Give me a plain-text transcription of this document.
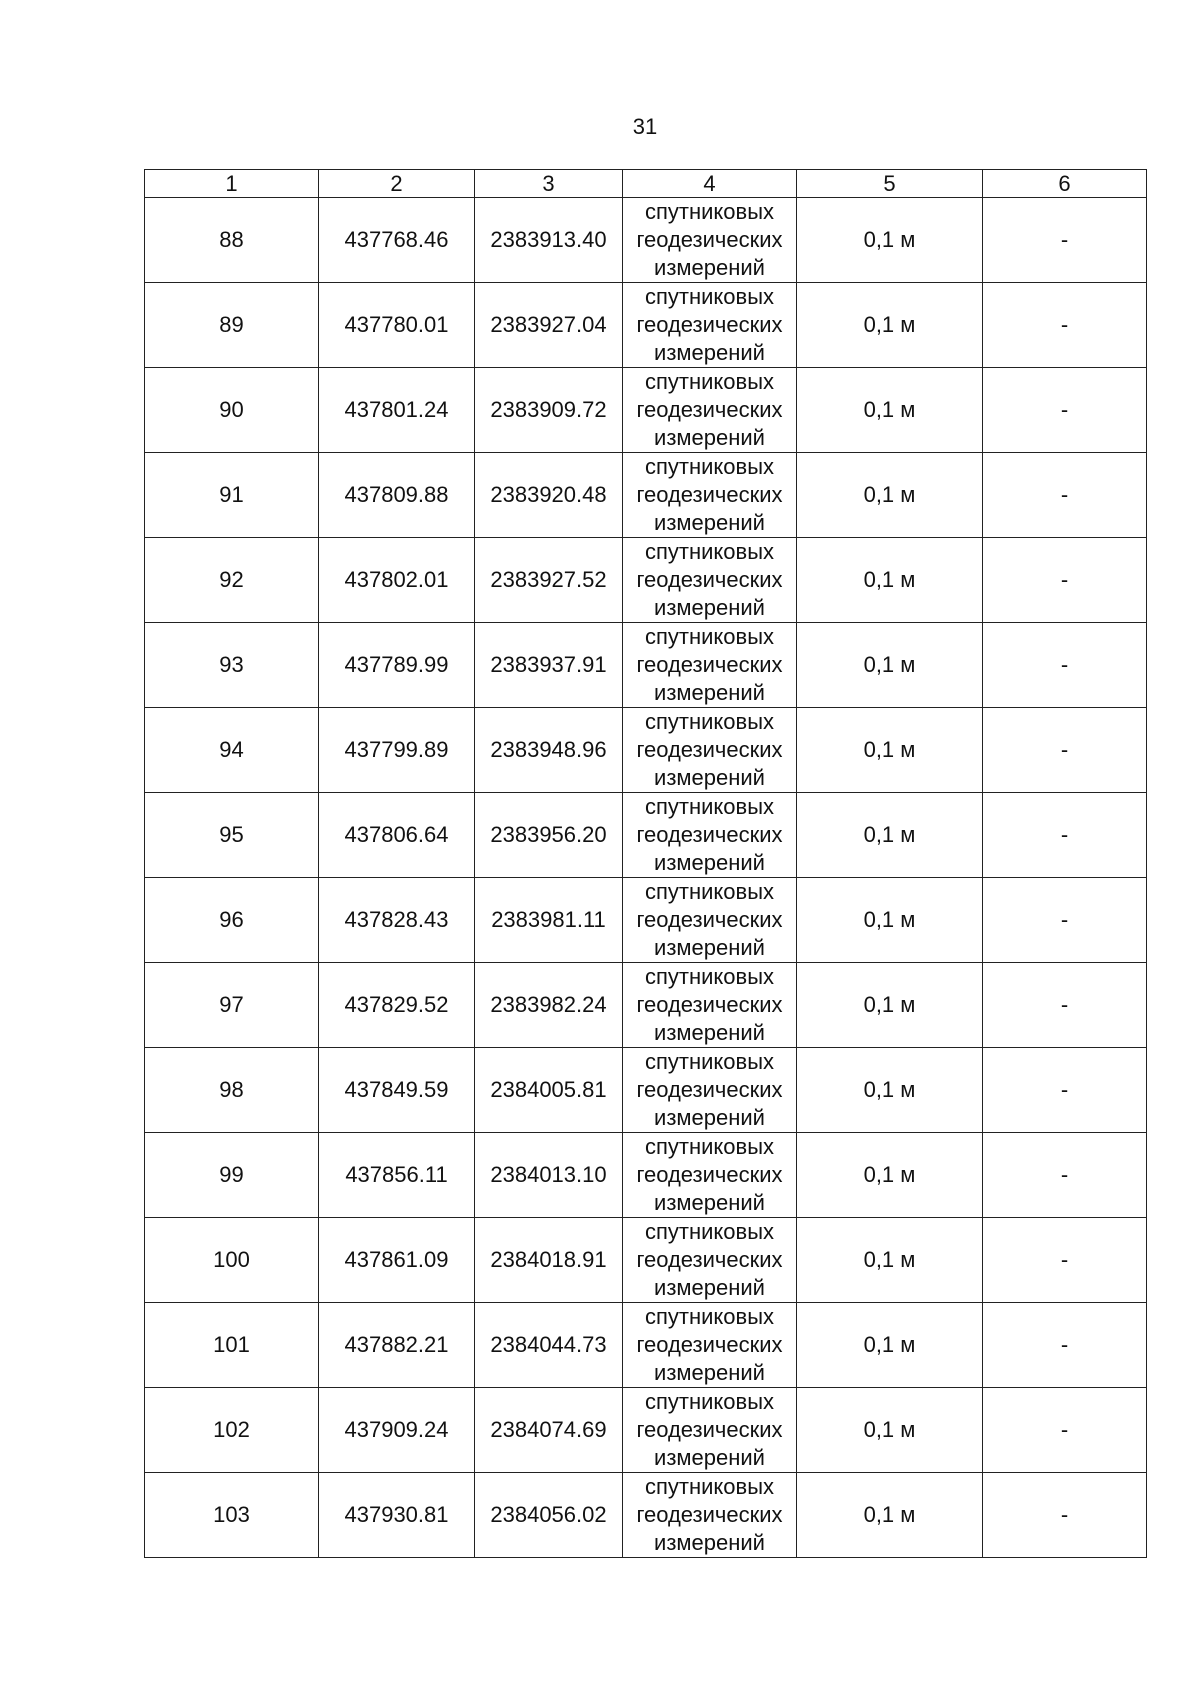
31
1	2	3	4	5	6
88	437768.46	2383913.40	спутниковых
геодезических
измерений	0,1 м	-
89	437780.01	2383927.04	спутниковых
геодезических
измерений	0,1 м	-
90	437801.24	2383909.72	спутниковых
геодезических
измерений	0,1 м	-
91	437809.88	2383920.48	спутниковых
геодезических
измерений	0,1 м	-
92	437802.01	2383927.52	спутниковых
геодезических
измерений	0,1 м	-
93	437789.99	2383937.91	спутниковых
геодезических
измерений	0,1 м	-
94	437799.89	2383948.96	спутниковых
геодезических
измерений	0,1 м	-
95	437806.64	2383956.20	спутниковых
геодезических
измерений	0,1 м	-
96	437828.43	2383981.11	спутниковых
геодезических
измерений	0,1 м	-
97	437829.52	2383982.24	спутниковых
геодезических
измерений	0,1 м	-
98	437849.59	2384005.81	спутниковых
геодезических
измерений	0,1 м	-
99	437856.11	2384013.10	спутниковых
геодезических
измерений	0,1 м	-
100	437861.09	2384018.91	спутниковых
геодезических
измерений	0,1 м	-
101	437882.21	2384044.73	спутниковых
геодезических
измерений	0,1 м	-
102	437909.24	2384074.69	спутниковых
геодезических
измерений	0,1 м	-
103	437930.81	2384056.02	спутниковых
геодезических
измерений	0,1 м	-
